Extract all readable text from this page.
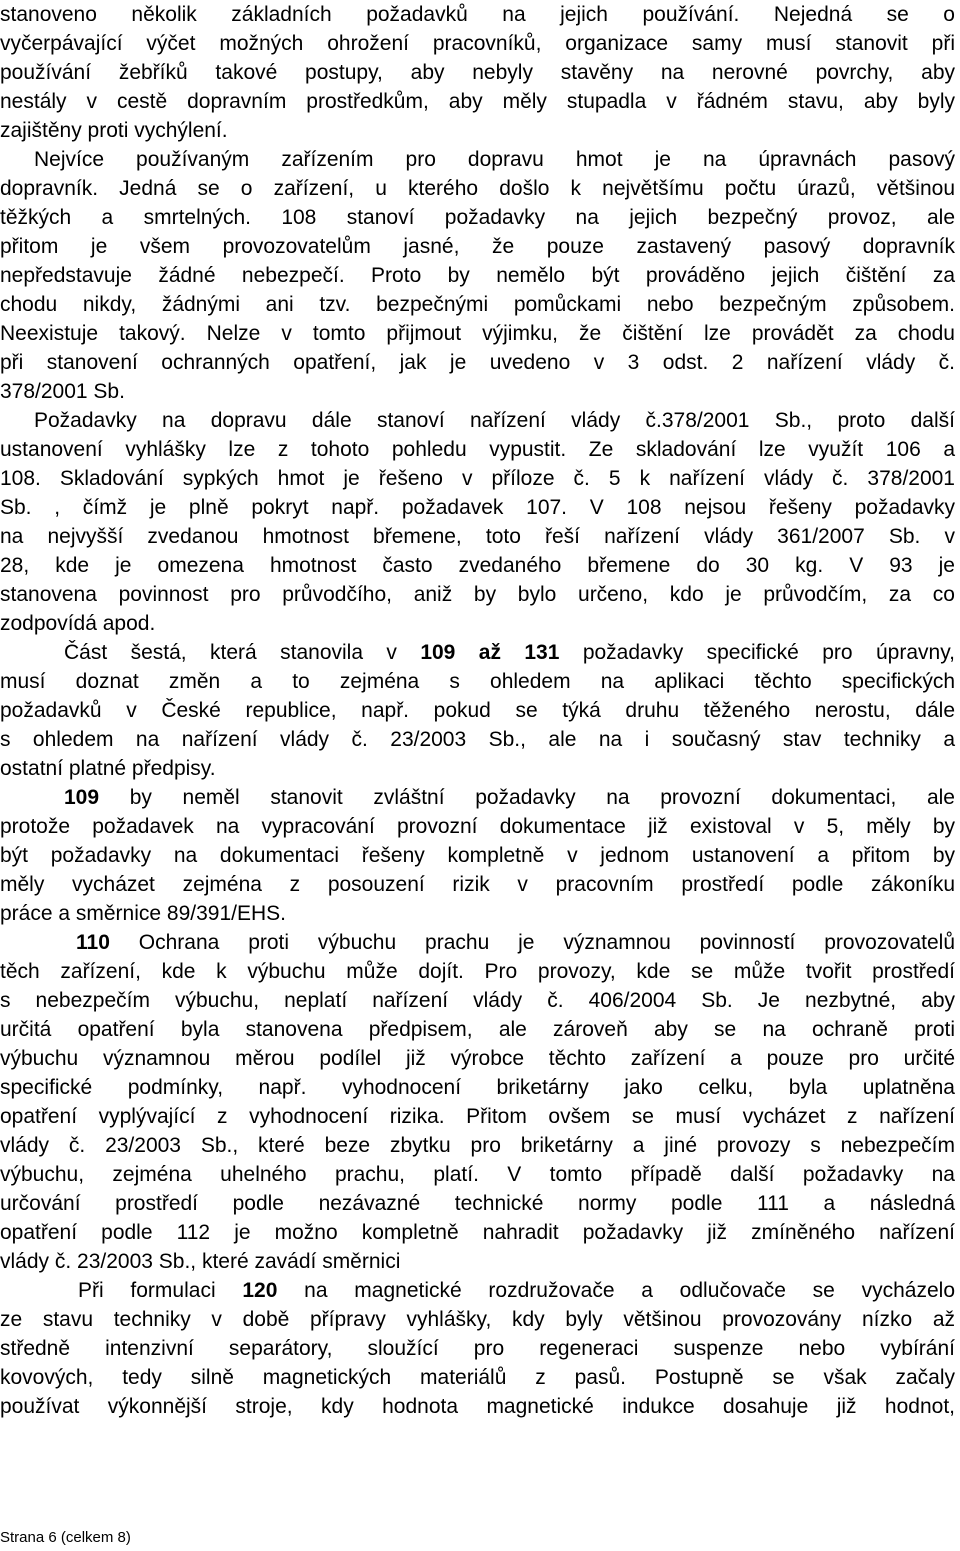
stanoveno několik základních požadavků na jejich používání. Nejedná se o
vyčerpávající výčet možných ohrožení pracovníků, organizace samy musí stanovit při
používání žebříků takové postupy, aby nebyly stavěny na nerovné povrchy, aby
nestály v cestě dopravním prostředkům, aby měly stupadla v řádném stavu, aby byly
zajištěny proti vychýlení.
Nejvíce používaným zařízením pro dopravu hmot je na úpravnách pasový
dopravník. Jedná se o zařízení, u kterého došlo k největšímu počtu úrazů, většinou
těžkých a smrtelných. 108 stanoví požadavky na jejich bezpečný provoz, ale
přitom je všem provozovatelům jasné, že pouze zastavený pasový dopravník
nepředstavuje žádné nebezpečí. Proto by nemělo být prováděno jejich čištění za
chodu nikdy, žádnými ani tzv. bezpečnými pomůckami nebo bezpečným způsobem.
Neexistuje takový. Nelze v tomto přijmout výjimku, že čištění lze provádět za chodu
při stanovení ochranných opatření, jak je uvedeno v 3 odst. 2 nařízení vlády č.
378/2001 Sb.
Požadavky na dopravu dále stanoví nařízení vlády č.378/2001 Sb., proto další
ustanovení vyhlášky lze z tohoto pohledu vypustit. Ze skladování lze využít 106 a
108. Skladování sypkých hmot je řešeno v příloze č. 5 k nařízení vlády č. 378/2001
Sb. , čímž je plně pokryt např. požadavek 107. V 108 nejsou řešeny požadavky
na nejvyšší zvedanou hmotnost břemene, toto řeší nařízení vlády 361/2007 Sb. v
28, kde je omezena hmotnost často zvedaného břemene do 30 kg. V 93 je
stanovena povinnost pro průvodčího, aniž by bylo určeno, kdo je průvodčím, za co
zodpovídá apod.
Část šestá, která stanovila v 109 až 131 požadavky specifické pro úpravny,
musí doznat změn a to zejména s ohledem na aplikaci těchto specifických
požadavků v České republice, např. pokud se týká druhu těženého nerostu, dále
s ohledem na nařízení vlády č. 23/2003 Sb., ale na i současný stav techniky a
ostatní platné předpisy.
109 by neměl stanovit zvláštní požadavky na provozní dokumentaci, ale
protože požadavek na vypracování provozní dokumentace již existoval v 5, měly by
být požadavky na dokumentaci řešeny kompletně v jednom ustanovení a přitom by
měly vycházet zejména z posouzení rizik v pracovním prostředí podle zákoníku
práce a směrnice 89/391/EHS.
110 Ochrana proti výbuchu prachu je významnou povinností provozovatelů
těch zařízení, kde k výbuchu může dojít. Pro provozy, kde se může tvořit prostředí
s nebezpečím výbuchu, neplatí nařízení vlády č. 406/2004 Sb. Je nezbytné, aby
určitá opatření byla stanovena předpisem, ale zároveň aby se na ochraně proti
výbuchu významnou měrou podílel již výrobce těchto zařízení a pouze pro určité
specifické podmínky, např. vyhodnocení briketárny jako celku, byla uplatněna
opatření vyplývající z vyhodnocení rizika. Přitom ovšem se musí vycházet z nařízení
vlády č. 23/2003 Sb., které beze zbytku pro briketárny a jiné provozy s nebezpečím
výbuchu, zejména uhelného prachu, platí. V tomto případě další požadavky na
určování prostředí podle nezávazné technické normy podle 111 a následná
opatření podle 112 je možno kompletně nahradit požadavky již zmíněného nařízení
vlády č. 23/2003 Sb., které zavádí směrnici
Při formulaci 120 na magnetické rozdružovače a odlučovače se vycházelo
ze stavu techniky v době přípravy vyhlášky, kdy byly většinou provozovány nízko až
středně intenzivní separátory, sloužící pro regeneraci suspenze nebo vybírání
kovových, tedy silně magnetických materiálů z pasů. Postupně se však začaly
používat výkonnější stroje, kdy hodnota magnetické indukce dosahuje již hodnot,
Strana 6 (celkem 8)
